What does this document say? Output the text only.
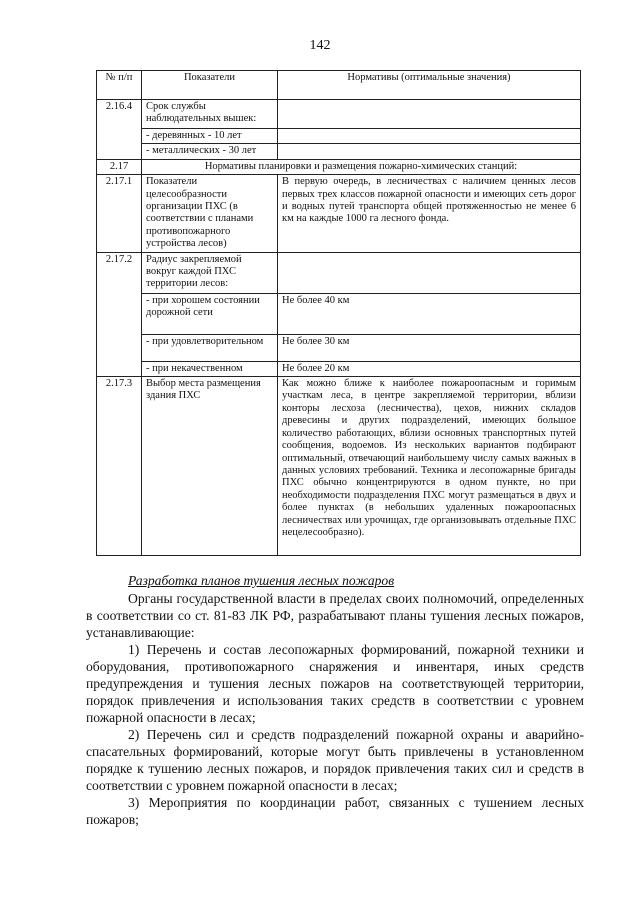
142
№ п/п	Показатели	Нормативы (оптимальные значения)
2.16.4	Срок службы наблюдательных вышек:	
	- деревянных - 10 лет	
	- металлических - 30 лет	
2.17	Нормативы планировки и размещения пожарно-химических станций:	
2.17.1	Показатели целесообразности организации ПХС (в соответствии с планами противопожарного устройства лесов)	В первую очередь, в лесничествах с наличием ценных лесов первых трех классов пожарной опасности и имеющих сеть дорог и водных путей транспорта общей протяженностью не менее 6 км на каждые 1000 га лесного фонда.
2.17.2	Радиус закрепляемой вокруг каждой ПХС территории лесов:	
	- при хорошем состоянии дорожной сети	Не более 40 км
	- при удовлетворительном	Не более 30 км
	- при некачественном	Не более 20 км
2.17.3	Выбор места размещения здания ПХС	Как можно ближе к наиболее пожароопасным и горимым участкам леса, в центре закрепляемой территории, вблизи конторы лесхоза (лесничества), цехов, нижних складов древесины и других подразделений, имеющих большое количество работающих, вблизи основных транспортных путей сообщения, водоемов. Из нескольких вариантов подбирают оптимальный, отвечающий наибольшему числу самых важных в данных условиях требований. Техника и лесопожарные бригады ПХС обычно концентрируются в одном пункте, но при необходимости подразделения ПХС могут размещаться в двух и более пунктах (в небольших удаленных пожароопасных лесничествах или урочищах, где организовывать отдельные ПХС нецелесообразно).

Разработка планов тушения лесных пожаров

Органы государственной власти в пределах своих полномочий, определенных в соответствии со ст. 81-83 ЛК РФ, разрабатывают планы тушения лесных пожаров, устанавливающие:

1) Перечень и состав лесопожарных формирований, пожарной техники и оборудования, противопожарного снаряжения и инвентаря, иных средств предупреждения и тушения лесных пожаров на соответствующей территории, порядок привлечения и использования таких средств в соответствии с уровнем пожарной опасности в лесах;

2) Перечень сил и средств подразделений пожарной охраны и аварийно-спасательных формирований, которые могут быть привлечены в установленном порядке к тушению лесных пожаров, и порядок привлечения таких сил и средств в соответствии с уровнем пожарной опасности в лесах;

3) Мероприятия по координации работ, связанных с тушением лесных пожаров;
